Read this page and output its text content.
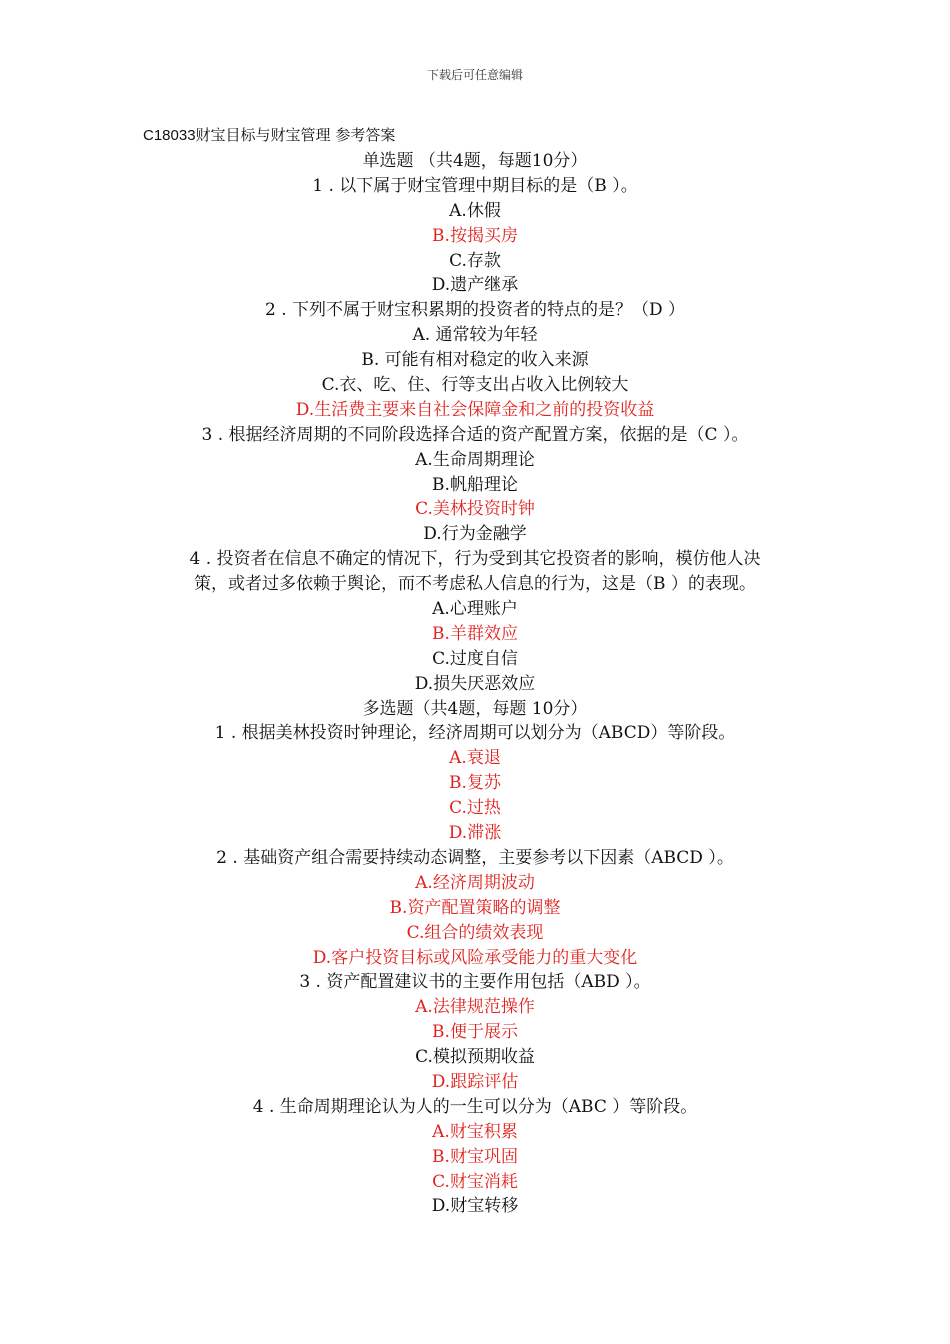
下载后可任意编辑
C18033财宝目标与财宝管理 参考答案
单选题 （共4题，每题10分）
1 . 以下属于财宝管理中期目标的是（B ）。
A.休假
B.按揭买房
C.存款
D.遗产继承
2 . 下列不属于财宝积累期的投资者的特点的是？（D ）
A. 通常较为年轻
B. 可能有相对稳定的收入来源
C.衣、吃、住、行等支出占收入比例较大
D.生活费主要来自社会保障金和之前的投资收益
3 . 根据经济周期的不同阶段选择合适的资产配置方案，依据的是（C ）。
A.生命周期理论
B.帆船理论
C.美林投资时钟
D.行为金融学
4 . 投资者在信息不确定的情况下，行为受到其它投资者的影响，模仿他人决
策，或者过多依赖于舆论，而不考虑私人信息的行为，这是（B ）的表现。
A.心理账户
B.羊群效应
C.过度自信
D.损失厌恶效应
多选题（共4题，每题 10分）
1 . 根据美林投资时钟理论，经济周期可以划分为（ABCD）等阶段。
A.衰退
B.复苏
C.过热
D.滞涨
2 . 基础资产组合需要持续动态调整，主要参考以下因素（ABCD ）。
A.经济周期波动
B.资产配置策略的调整
C.组合的绩效表现
D.客户投资目标或风险承受能力的重大变化
3 . 资产配置建议书的主要作用包括（ABD ）。
A.法律规范操作
B.便于展示
C.模拟预期收益
D.跟踪评估
4 . 生命周期理论认为人的一生可以分为（ABC ）等阶段。
A.财宝积累
B.财宝巩固
C.财宝消耗
D.财宝转移
